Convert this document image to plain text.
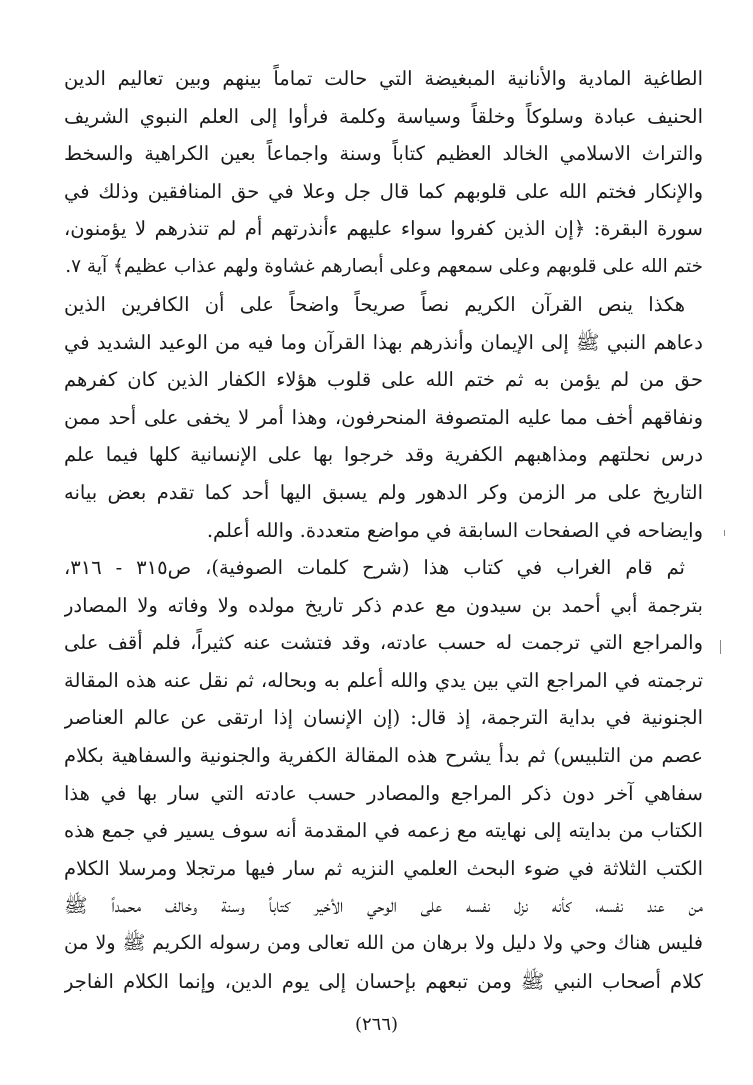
الطاغية المادية والأنانية المبغيضة التي حالت تماماً بينهم وبين تعاليم الدين
الحنيف عبادة وسلوكاً وخلقاً وسياسة وكلمة فرأوا إلى العلم النبوي الشريف
والتراث الاسلامي الخالد العظيم كتاباً وسنة واجماعاً بعين الكراهية والسخط
والإنكار فختم الله على قلوبهم كما قال جل وعلا في حق المنافقين وذلك في
سورة البقرة: ﴿إن الذين كفروا سواء عليهم ءأنذرتهم أم لم تنذرهم لا يؤمنون،
ختم الله على قلوبهم وعلى سمعهم وعلى أبصارهم غشاوة ولهم عذاب عظيم﴾ آية ٧.
هكذا ينص القرآن الكريم نصاً صريحاً واضحاً على أن الكافرين الذين
دعاهم النبي ﷺ إلى الإيمان وأنذرهم بهذا القرآن وما فيه من الوعيد الشديد في
حق من لم يؤمن به ثم ختم الله على قلوب هؤلاء الكفار الذين كان كفرهم
ونفاقهم أخف مما عليه المتصوفة المنحرفون، وهذا أمر لا يخفى على أحد ممن
درس نحلتهم ومذاهبهم الكفرية وقد خرجوا بها على الإنسانية كلها فيما علم
التاريخ على مر الزمن وكر الدهور ولم يسبق اليها أحد كما تقدم بعض بيانه
وايضاحه في الصفحات السابقة في مواضع متعددة. والله أعلم.
ثم قام الغراب في كتاب هذا (شرح كلمات الصوفية)، ص٣١٥ - ٣١٦،
بترجمة أبي أحمد بن سيدون مع عدم ذكر تاريخ مولده ولا وفاته ولا المصادر
والمراجع التي ترجمت له حسب عادته، وقد فتشت عنه كثيراً، فلم أقف على
ترجمته في المراجع التي بين يدي والله أعلم به وبحاله، ثم نقل عنه هذه المقالة
الجنونية في بداية الترجمة، إذ قال: (إن الإنسان إذا ارتقى عن عالم العناصر
عصم من التلبيس) ثم بدأ يشرح هذه المقالة الكفرية والجنونية والسفاهية بكلام
سفاهي آخر دون ذكر المراجع والمصادر حسب عادته التي سار بها في هذا
الكتاب من بدايته إلى نهايته مع زعمه في المقدمة أنه سوف يسير في جمع هذه
الكتب الثلاثة في ضوء البحث العلمي النزيه ثم سار فيها مرتجلا ومرسلا الكلام
من عند نفسه، كأنه نزل نفسه على الوحي الأخير كتاباً وسنة وخالف محمداً ﷺ
فليس هناك وحي ولا دليل ولا برهان من الله تعالى ومن رسوله الكريم ﷺ ولا من
كلام أصحاب النبي ﷺ ومن تبعهم بإحسان إلى يوم الدين، وإنما الكلام الفاجر
(٢٦٦)
